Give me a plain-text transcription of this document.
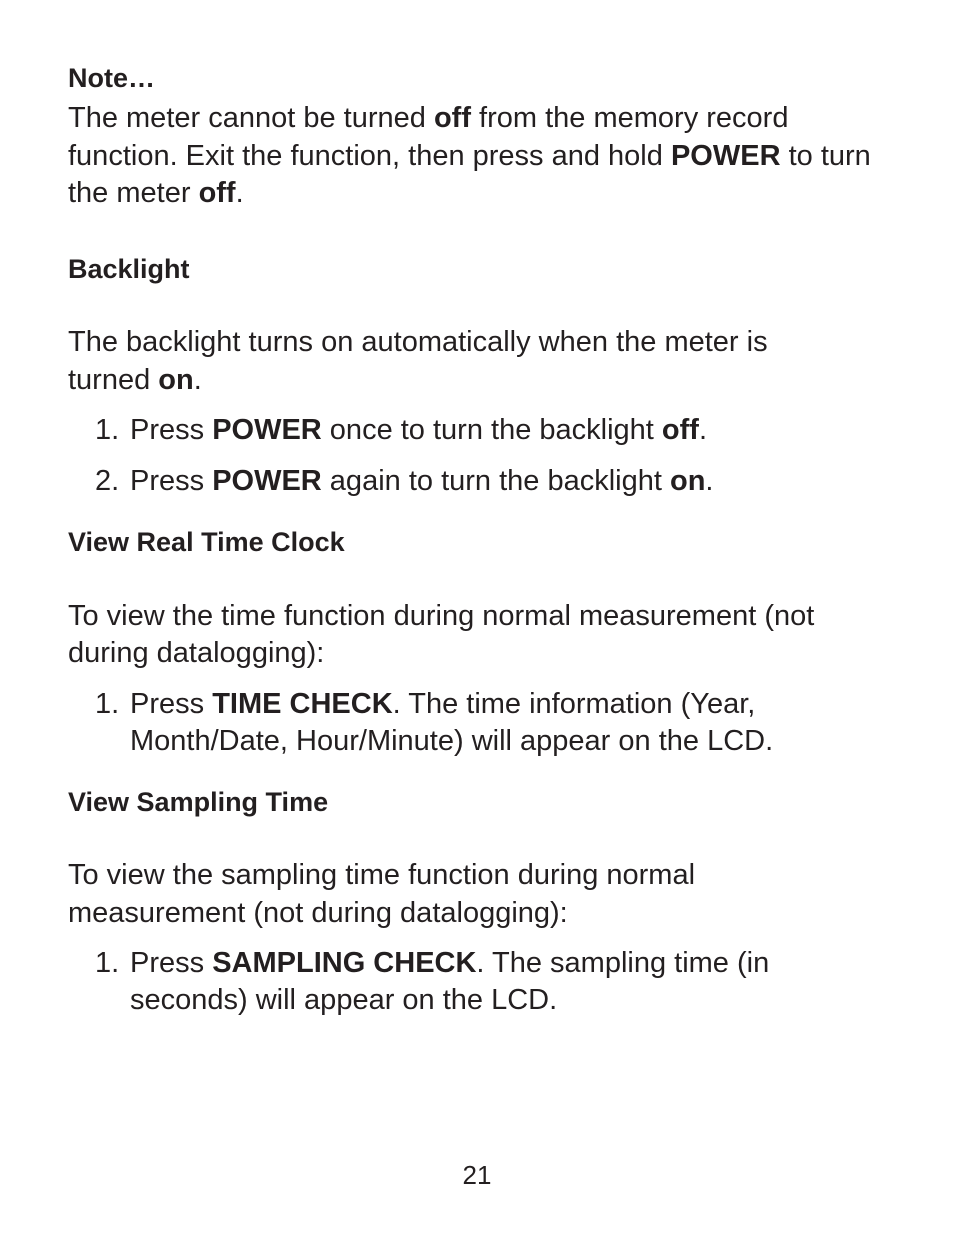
Note…

The meter cannot be turned off from the memory record function. Exit the function, then press and hold POWER to turn the meter off.

Backlight

The backlight turns on automatically when the meter is turned on.

1. Press POWER once to turn the backlight off.
2. Press POWER again to turn the backlight on.

View Real Time Clock

To view the time function during normal measurement (not during datalogging):

1. Press TIME CHECK. The time information (Year, Month/Date, Hour/Minute) will appear on the LCD.

View Sampling Time

To view the sampling time function during normal measurement (not during datalogging):

1. Press SAMPLING CHECK. The sampling time (in seconds) will appear on the LCD.
21
